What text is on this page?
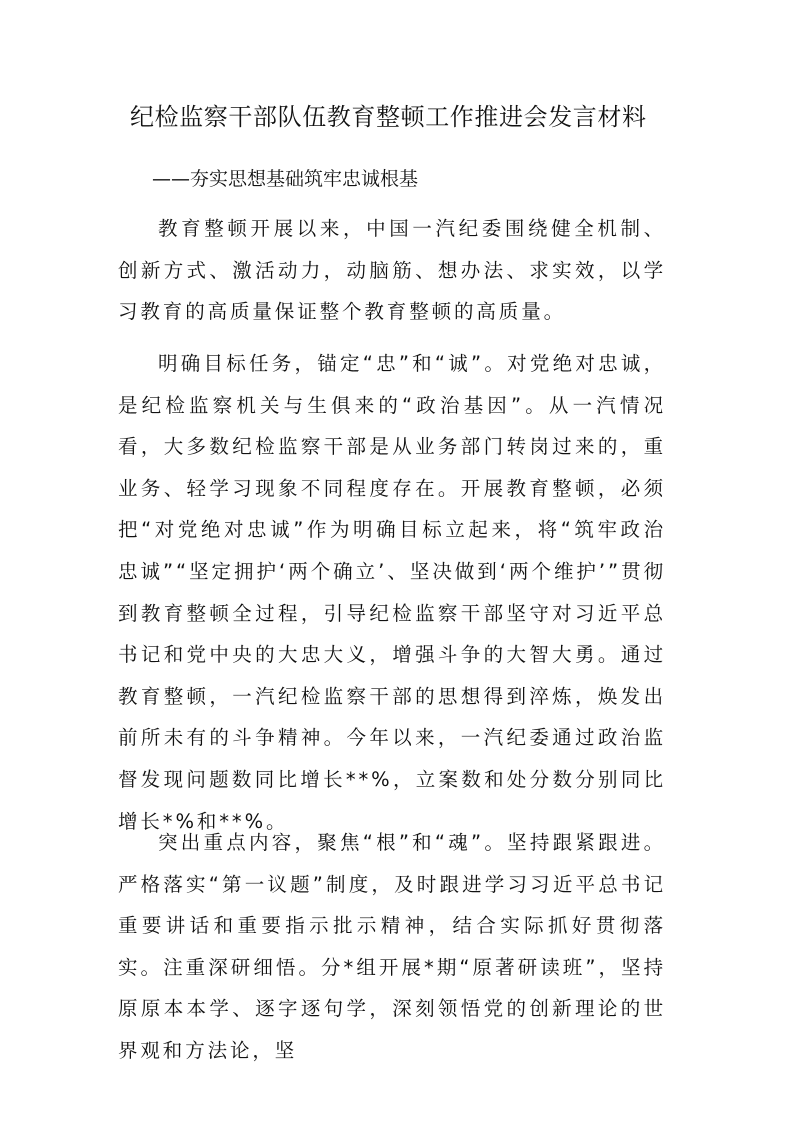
纪检监察干部队伍教育整顿工作推进会发言材料
——夯实思想基础筑牢忠诚根基

教育整顿开展以来，中国一汽纪委围绕健全机制、创新方式、激活动力，动脑筋、想办法、求实效，以学习教育的高质量保证整个教育整顿的高质量。

明确目标任务，锚定“忠”和“诚”。对党绝对忠诚，是纪检监察机关与生俱来的“政治基因”。从一汽情况看，大多数纪检监察干部是从业务部门转岗过来的，重业务、轻学习现象不同程度存在。开展教育整顿，必须把“对党绝对忠诚”作为明确目标立起来，将“筑牢政治忠诚”“坚定拥护‘两个确立’、坚决做到‘两个维护’”贯彻到教育整顿全过程，引导纪检监察干部坚守对习近平总书记和党中央的大忠大义，增强斗争的大智大勇。通过教育整顿，一汽纪检监察干部的思想得到淬炼，焕发出前所未有的斗争精神。今年以来，一汽纪委通过政治监督发现问题数同比增长**%，立案数和处分数分别同比增长*%和**%。

突出重点内容，聚焦“根”和“魂”。坚持跟紧跟进。严格落实“第一议题”制度，及时跟进学习习近平总书记重要讲话和重要指示批示精神，结合实际抓好贯彻落实。注重深研细悟。分*组开展*期“原著研读班”，坚持原原本本学、逐字逐句学，深刻领悟党的创新理论的世界观和方法论，坚
